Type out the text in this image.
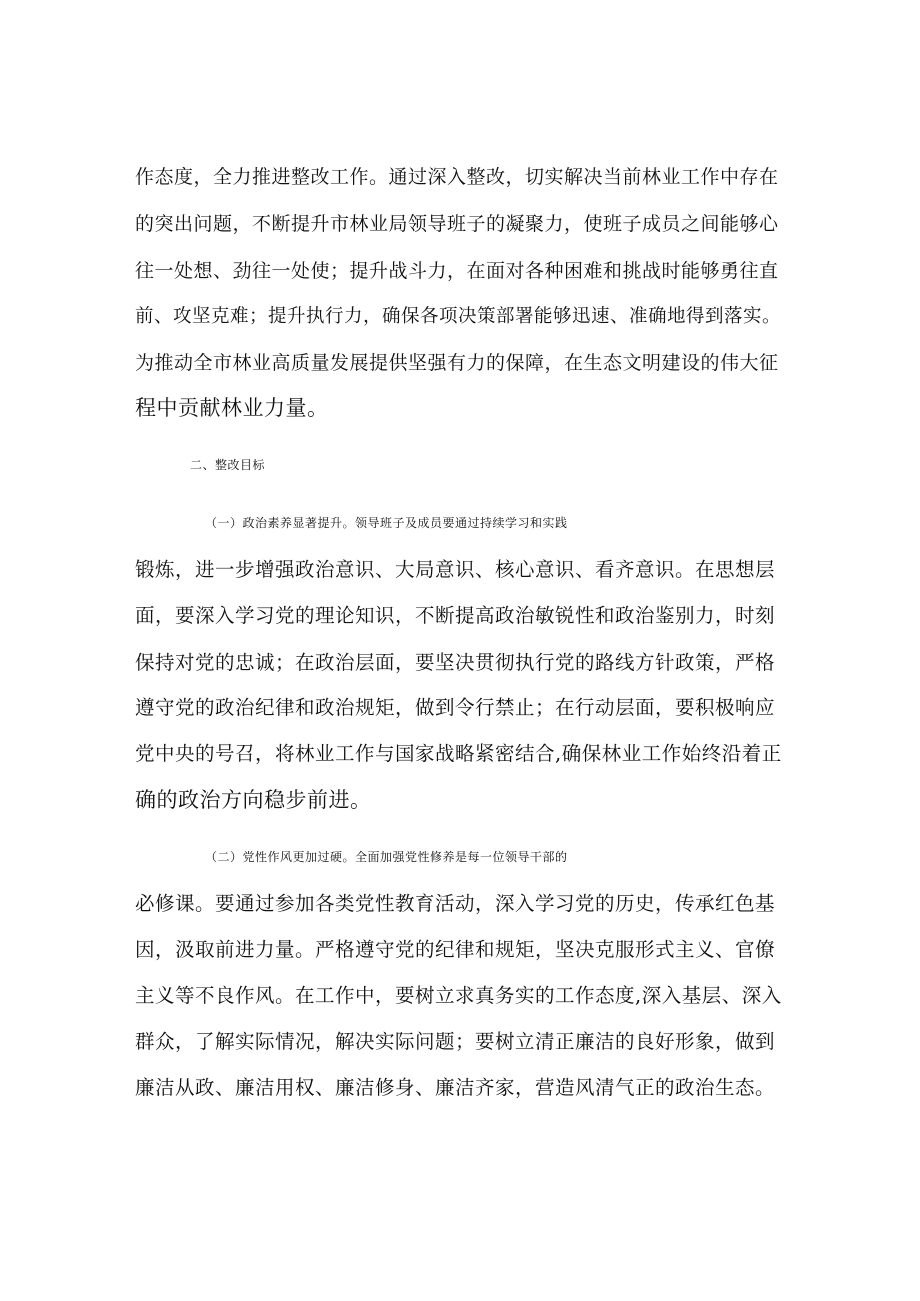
作态度，全力推进整改工作。通过深入整改，切实解决当前林业工作中存在
的突出问题，不断提升市林业局领导班子的凝聚力，使班子成员之间能够心
往一处想、劲往一处使；提升战斗力，在面对各种困难和挑战时能够勇往直
前、攻坚克难；提升执行力，确保各项决策部署能够迅速、准确地得到落实。
为推动全市林业高质量发展提供坚强有力的保障，在生态文明建设的伟大征
程中贡献林业力量。
二、整改目标
（一）政治素养显著提升。领导班子及成员要通过持续学习和实践
锻炼，进一步增强政治意识、大局意识、核心意识、看齐意识。在思想层
面，要深入学习党的理论知识，不断提高政治敏锐性和政治鉴别力，时刻
保持对党的忠诚；在政治层面，要坚决贯彻执行党的路线方针政策，严格
遵守党的政治纪律和政治规矩，做到令行禁止；在行动层面，要积极响应
党中央的号召，将林业工作与国家战略紧密结合,确保林业工作始终沿着正
确的政治方向稳步前进。
（二）党性作风更加过硬。全面加强党性修养是每一位领导干部的
必修课。要通过参加各类党性教育活动，深入学习党的历史，传承红色基
因，汲取前进力量。严格遵守党的纪律和规矩，坚决克服形式主义、官僚
主义等不良作风。在工作中，要树立求真务实的工作态度,深入基层、深入
群众，了解实际情况，解决实际问题；要树立清正廉洁的良好形象，做到
廉洁从政、廉洁用权、廉洁修身、廉洁齐家，营造风清气正的政治生态。
